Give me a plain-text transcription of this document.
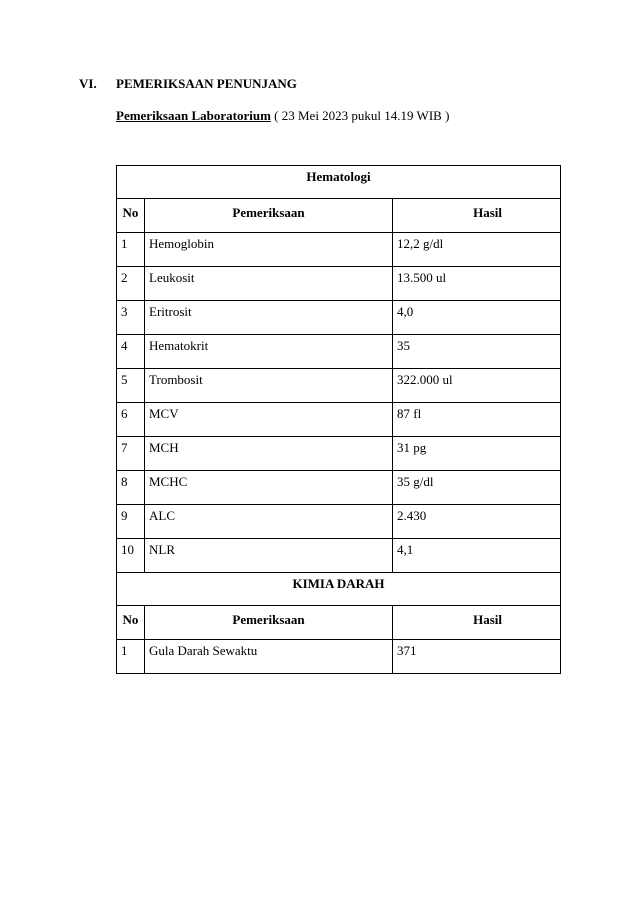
VI. PEMERIKSAAN PENUNJANG
Pemeriksaan Laboratorium ( 23 Mei 2023 pukul 14.19 WIB )
Hematologi		
No	Pemeriksaan	Hasil
1	Hemoglobin	12,2 g/dl
2	Leukosit	13.500 ul
3	Eritrosit	4,0
4	Hematokrit	35
5	Trombosit	322.000 ul
6	MCV	87 fl
7	MCH	31 pg
8	MCHC	35 g/dl
9	ALC	2.430
10	NLR	4,1
KIMIA DARAH		
No	Pemeriksaan	Hasil
1	Gula Darah Sewaktu	371
